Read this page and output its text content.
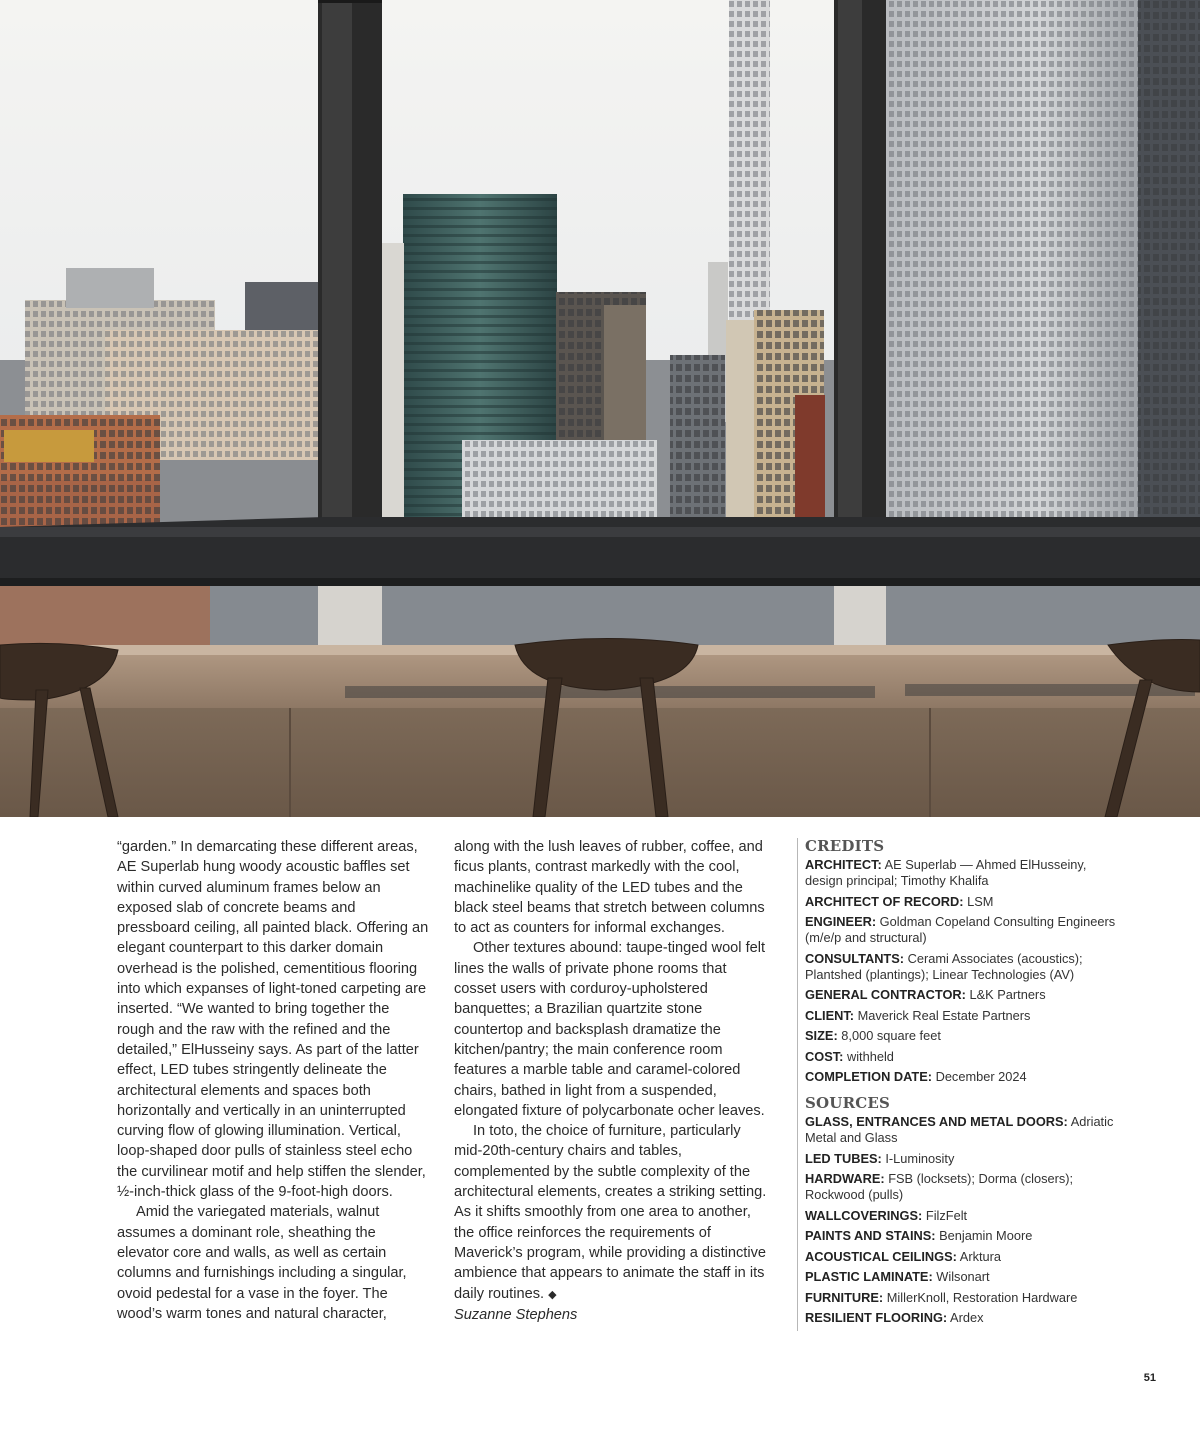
“garden.” In demarcating these different areas, AE Superlab hung woody acoustic baffles set within curved aluminum frames below an exposed slab of concrete beams and pressboard ceiling, all painted black. Offering an elegant counterpart to this darker domain overhead is the polished, cementitious flooring into which expanses of light-toned carpeting are inserted. “We wanted to bring together the rough and the raw with the refined and the detailed,” ElHusseiny says. As part of the latter effect, LED tubes stringently delineate the architectural elements and spaces both horizontally and vertically in an uninterrupted curving flow of glowing illumination. Vertical, loop-shaped door pulls of stainless steel echo the curvilinear motif and help stiffen the slender, ½-inch-thick glass of the 9-foot-high doors.

Amid the variegated materials, walnut assumes a dominant role, sheathing the elevator core and walls, as well as certain columns and furnishings including a singular, ovoid pedestal for a vase in the foyer. The wood’s warm tones and natural character,

along with the lush leaves of rubber, coffee, and ficus plants, contrast markedly with the cool, machinelike quality of the LED tubes and the black steel beams that stretch between columns to act as counters for informal exchanges.

Other textures abound: taupe-tinged wool felt lines the walls of private phone rooms that cosset users with corduroy-upholstered banquettes; a Brazilian quartzite stone countertop and backsplash dramatize the kitchen/pantry; the main conference room features a marble table and caramel-colored chairs, bathed in light from a suspended, elongated fixture of polycarbonate ocher leaves.

In toto, the choice of furniture, particularly mid-20th-century chairs and tables, complemented by the subtle complexity of the architectural elements, creates a striking setting. As it shifts smoothly from one area to another, the office reinforces the requirements of Maverick’s program, while providing a distinctive ambience that appears to animate the staff in its daily routines. ◆

Suzanne Stephens

CREDITS
ARCHITECT: AE Superlab — Ahmed ElHusseiny, design principal; Timothy Khalifa
ARCHITECT OF RECORD: LSM
ENGINEER: Goldman Copeland Consulting Engineers (m/e/p and structural)
CONSULTANTS: Cerami Associates (acoustics); Plantshed (plantings); Linear Technologies (AV)
GENERAL CONTRACTOR: L&K Partners
CLIENT: Maverick Real Estate Partners
SIZE: 8,000 square feet
COST: withheld
COMPLETION DATE: December 2024
SOURCES
GLASS, ENTRANCES AND METAL DOORS: Adriatic Metal and Glass
LED TUBES: I-Luminosity
HARDWARE: FSB (locksets); Dorma (closers); Rockwood (pulls)
WALLCOVERINGS: FilzFelt
PAINTS AND STAINS: Benjamin Moore
ACOUSTICAL CEILINGS: Arktura
PLASTIC LAMINATE: Wilsonart
FURNITURE: MillerKnoll, Restoration Hardware
RESILIENT FLOORING: Ardex
51
